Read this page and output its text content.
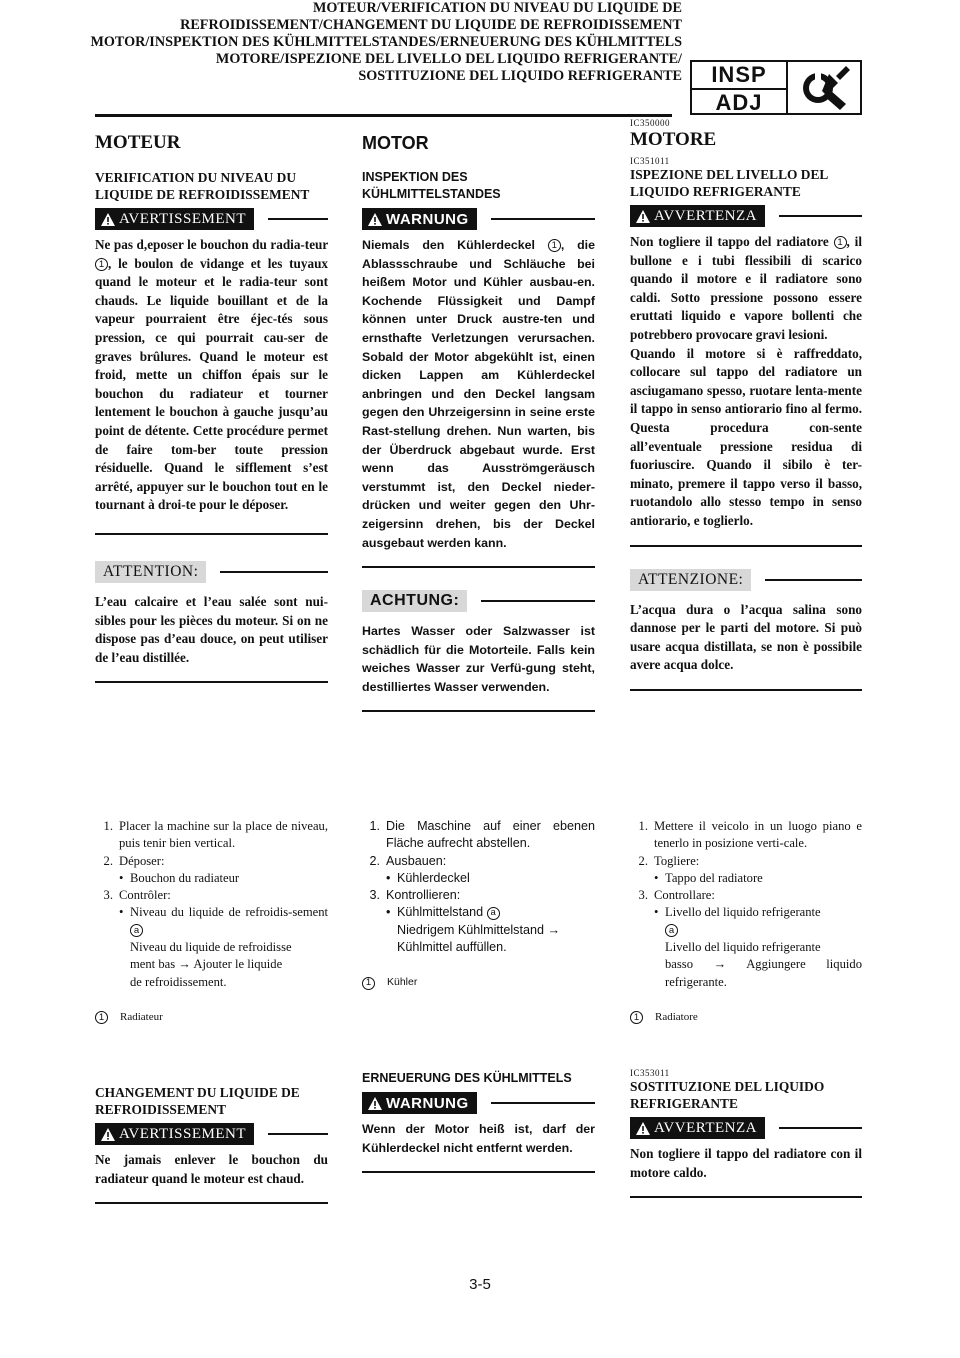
MOTEUR/VERIFICATION DU NIVEAU DU LIQUIDE DE
REFROIDISSEMENT/CHANGEMENT DU LIQUIDE DE REFROIDISSEMENT
MOTOR/INSPEKTION DES KÜHLMITTELSTANDES/ERNEUERUNG DES KÜHLMITTELS
MOTORE/ISPEZIONE DEL LIVELLO DEL LIQUIDO REFRIGERANTE/
SOSTITUZIONE DEL LIQUIDO REFRIGERANTE	INSP
ADJ
MOTEUR
VERIFICATION DU NIVEAU DU LIQUIDE DE REFROIDISSEMENT
AVERTISSEMENT
Ne pas d,eposer le bouchon du radia-teur 1 , le boulon de vidange et les tuyaux quand le moteur et le radia-teur sont chauds. Le liquide bouillant et de la vapeur pourraient être éjec-tés sous pression, ce qui pourrait cau-ser de graves brûlures. Quand le moteur est froid, mette un chiffon épais sur le bouchon du radiateur et tourner lentement le bouchon à gauche jusqu’au point de détente. Cette procédure permet de faire tom-ber toute pression résiduelle. Quand le sifflement s’est arrêté, appuyer sur le bouchon tout en le tournant à droi-te pour le déposer.
ATTENTION:
L’eau calcaire et l’eau salée sont nui-sibles pour les pièces du moteur. Si on ne dispose pas d’eau douce, on peut utiliser de l’eau distillée.
1. Placer la machine sur la place de niveau, puis tenir bien vertical.
2. Déposer:
• Bouchon du radiateur
3. Contrôler:
• Niveau du liquide de refroidis-sement a
Niveau du liquide de refroidisse
ment bas → Ajouter le liquide
de refroidissement.
1	Radiateur
CHANGEMENT DU LIQUIDE DE REFROIDISSEMENT
AVERTISSEMENT
Ne jamais enlever le bouchon du radiateur quand le moteur est chaud.
MOTOR
INSPEKTION DES KÜHLMITTELSTANDES
WARNUNG
Niemals den Kühlerdeckel 1 , die Ablassschraube und Schläuche bei heißem Motor und Kühler ausbau-en. Kochende Flüssigkeit und Dampf können unter Druck austre-ten und ernsthafte Verletzungen verursachen. Sobald der Motor abgekühlt ist, einen dicken Lappen am Kühlerdeckel anbringen und den Deckel langsam gegen den Uhrzeigersinn in seine erste Rast-stellung drehen. Nun warten, bis der Überdruck abgebaut wurde. Erst wenn das Ausströmgeräusch verstummt ist, den Deckel nieder-drücken und weiter gegen den Uhr-zeigersinn drehen, bis der Deckel ausgebaut werden kann.
ACHTUNG:
Hartes Wasser oder Salzwasser ist schädlich für die Motorteile. Falls kein weiches Wasser zur Verfü-gung steht, destilliertes Wasser verwenden.
1. Die Maschine auf einer ebenen Fläche aufrecht abstellen.
2. Ausbauen:
• Kühlerdeckel
3. Kontrollieren:
• Kühlmittelstand a
Niedrigem Kühlmittelstand →
Kühlmittel auffüllen.
1	Kühler
ERNEUERUNG DES KÜHLMITTELS
WARNUNG
Wenn der Motor heiß ist, darf der Kühlerdeckel nicht entfernt werden.
IC350000
MOTORE
IC351011
ISPEZIONE DEL LIVELLO DEL LIQUIDO REFRIGERANTE
AVVERTENZA
Non togliere il tappo del radiatore 1 , il bullone e i tubi flessibili di scarico quando il motore e il radiatore sono caldi. Sotto pressione possono essere eruttati liquido e vapore bollenti che potrebbero provocare gravi lesioni.
Quando il motore si è raffreddato, collocare sul tappo del radiatore un asciugamano spesso, ruotare lenta-mente il tappo in senso antiorario fino al fermo. Questa procedura con-sente all’eventuale pressione residua di fuoriuscire. Quando il sibilo è ter-minato, premere il tappo verso il basso, ruotandolo allo stesso tempo in senso antiorario, e toglierlo.
ATTENZIONE:
L’acqua dura o l’acqua salina sono dannose per le parti del motore. Si può usare acqua distillata, se non è possibile avere acqua dolce.
1. Mettere il veicolo in un luogo piano e tenerlo in posizione verti-cale.
2. Togliere:
• Tappo del radiatore
3. Controllare:
• Livello del liquido refrigerante
a
Livello del liquido refrigerante
basso → Aggiungere liquido refrigerante.
1	Radiatore
IC353011
SOSTITUZIONE DEL LIQUIDO REFRIGERANTE
AVVERTENZA
Non togliere il tappo del radiatore con il motore caldo.
3-5
